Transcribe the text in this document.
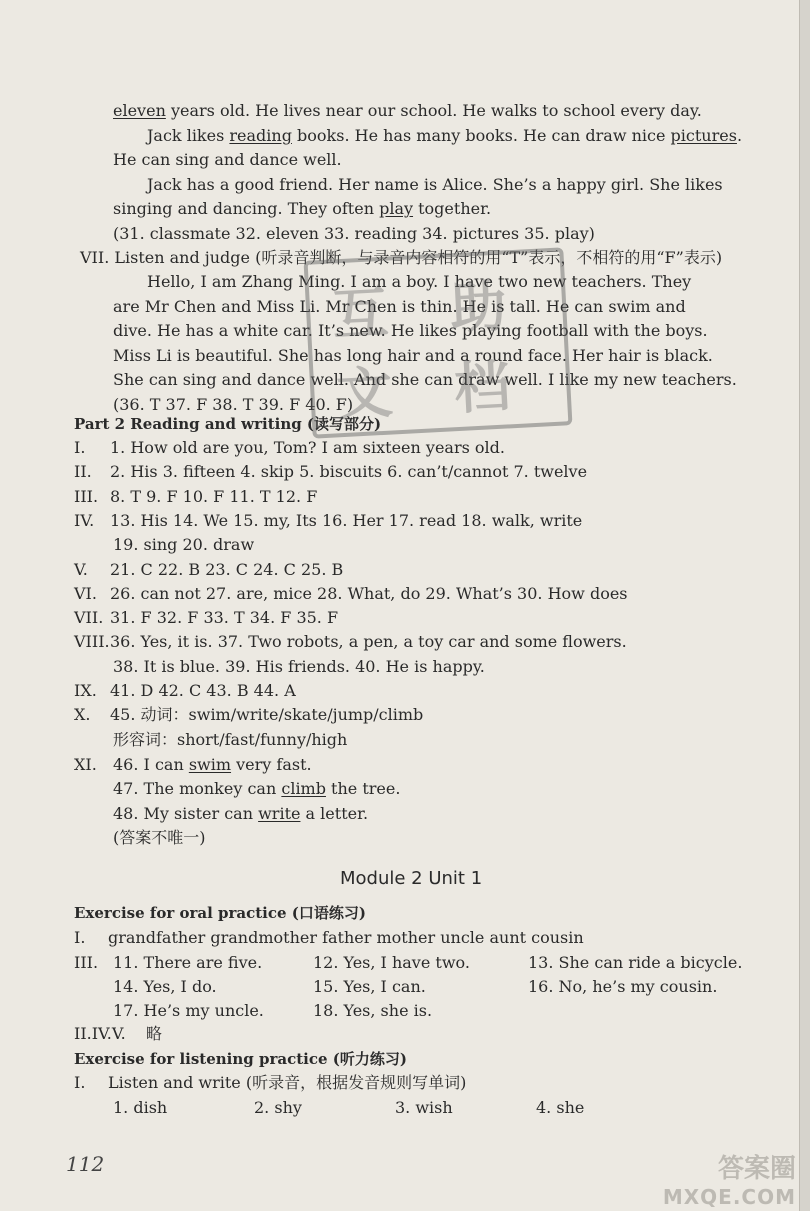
eleven years old. He lives near our school. He walks to school every day.
Jack likes reading books. He has many books. He can draw nice pictures.
He can sing and dance well.
Jack has a good friend. Her name is Alice. She’s a happy girl. She likes
singing and dancing. They often play together.
(31. classmate 32. eleven 33. reading 34. pictures 35. play)
VII. Listen and judge (听录音判断，与录音内容相符的用“T”表示，不相符的用“F”表示)
Hello, I am Zhang Ming. I am a boy. I have two new teachers. They
are Mr Chen and Miss Li. Mr Chen is thin. He is tall. He can swim and
dive. He has a white car. It’s new. He likes playing football with the boys.
Miss Li is beautiful. She has long hair and a round face. Her hair is black.
She can sing and dance well. And she can draw well. I like my new teachers.
(36. T 37. F 38. T 39. F 40. F)
Part 2 Reading and writing (读写部分)
I. 1. How old are you, Tom? I am sixteen years old.
II. 2. His 3. fifteen 4. skip 5. biscuits 6. can’t/cannot 7. twelve
III. 8. T 9. F 10. F 11. T 12. F
IV. 13. His 14. We 15. my, Its 16. Her 17. read 18. walk, write
19. sing 20. draw
V. 21. C 22. B 23. C 24. C 25. B
VI. 26. can not 27. are, mice 28. What, do 29. What’s 30. How does
VII. 31. F 32. F 33. T 34. F 35. F
VIII. 36. Yes, it is. 37. Two robots, a pen, a toy car and some flowers.
38. It is blue. 39. His friends. 40. He is happy.
IX. 41. D 42. C 43. B 44. A
X. 45. 动词：swim/write/skate/jump/climb
形容词：short/fast/funny/high
XI. 46. I can swim very fast.
47. The monkey can climb the tree.
48. My sister can write a letter.
(答案不唯一)
Module 2 Unit 1
Exercise for oral practice (口语练习)
I. grandfather grandmother father mother uncle aunt cousin
III. 11. There are five.	12. Yes, I have two.	13. She can ride a bicycle.
14. Yes, I do.	15. Yes, I can.	16. No, he’s my cousin.
17. He’s my uncle.	18. Yes, she is.
II.IV.V. 略
Exercise for listening practice (听力练习)
I. Listen and write (听录音，根据发音规则写单词)
1. dish	2. shy	3. wish	4. she
互 助
文 档
112	答案圈
MXQE.COM
